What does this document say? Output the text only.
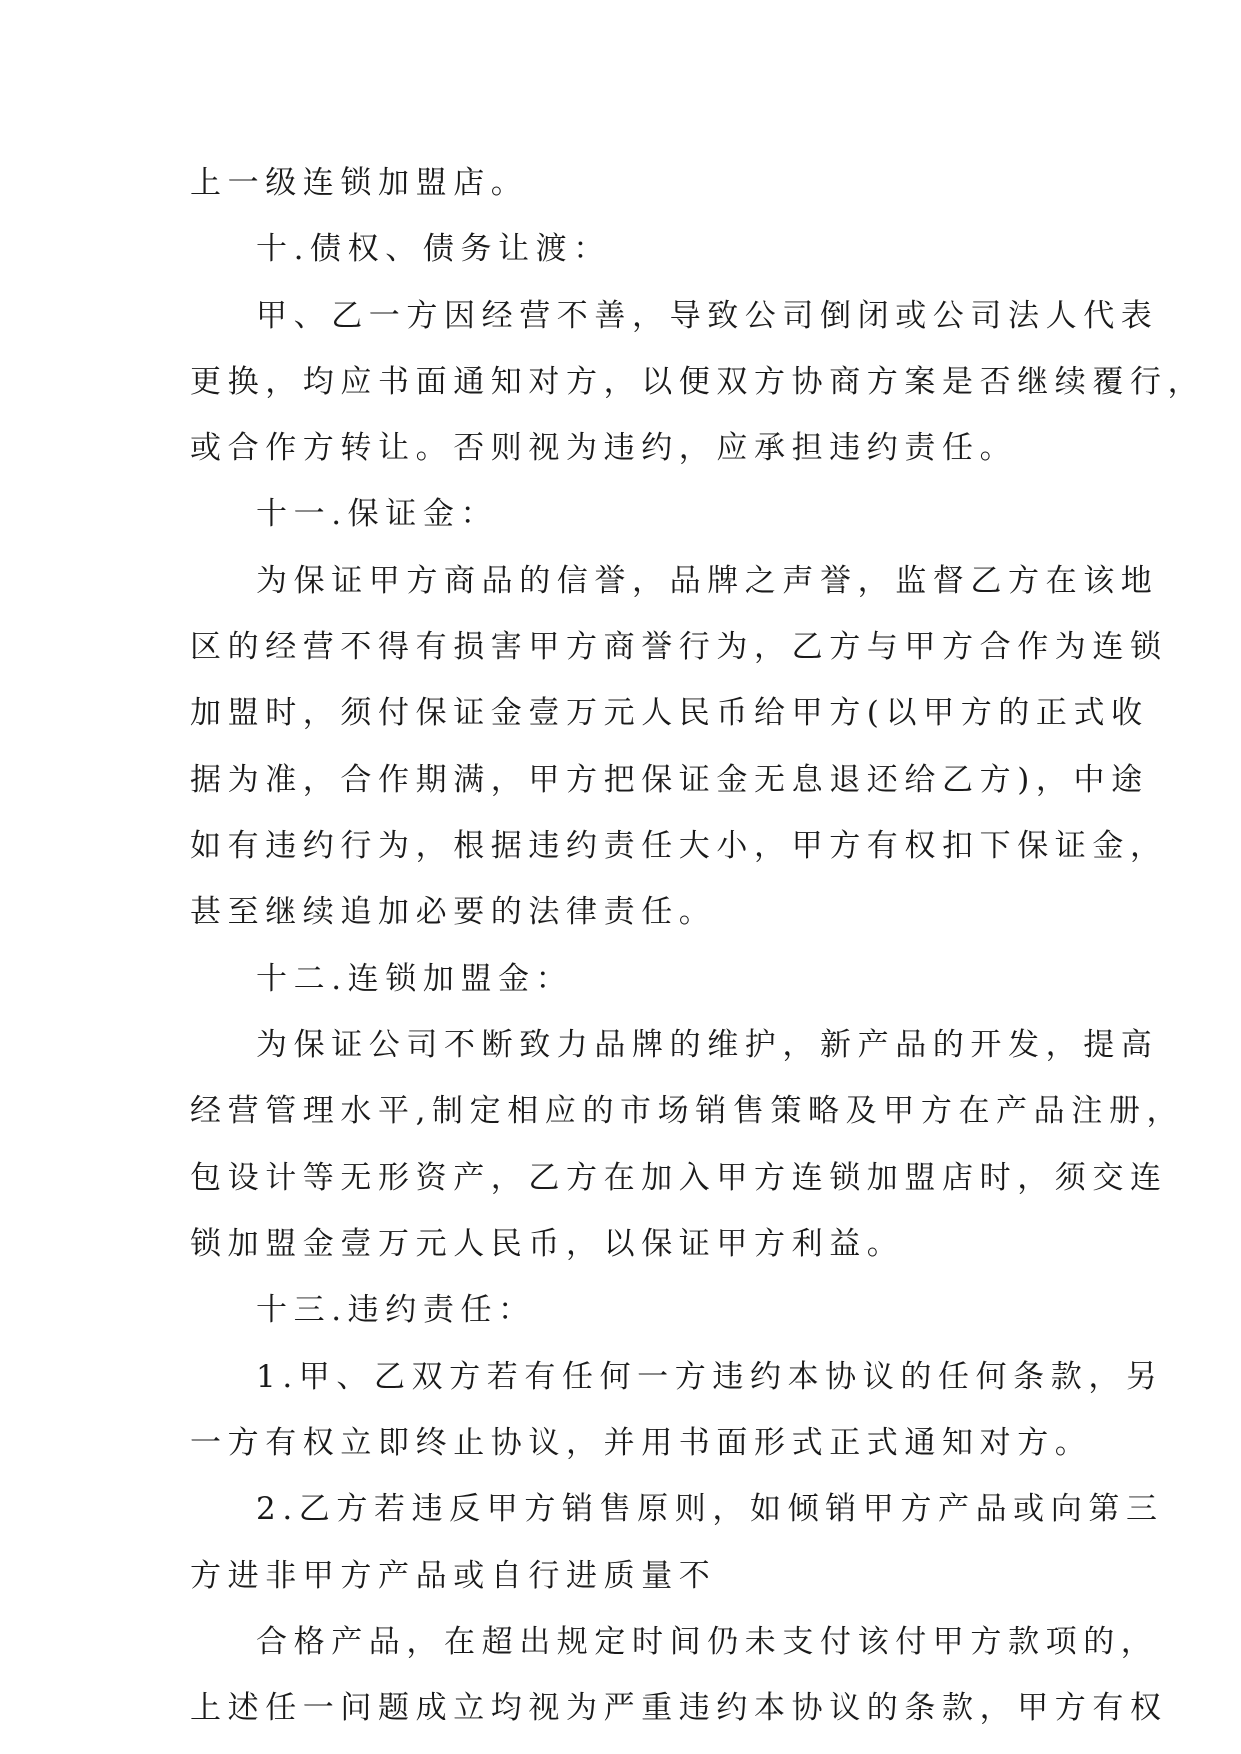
上一级连锁加盟店。
十.债权、债务让渡：
甲、乙一方因经营不善，导致公司倒闭或公司法人代表
更换，均应书面通知对方，以便双方协商方案是否继续覆行，
或合作方转让。否则视为违约，应承担违约责任。
十一.保证金：
为保证甲方商品的信誉，品牌之声誉，监督乙方在该地
区的经营不得有损害甲方商誉行为，乙方与甲方合作为连锁
加盟时，须付保证金壹万元人民币给甲方(以甲方的正式收
据为准，合作期满，甲方把保证金无息退还给乙方)，中途
如有违约行为，根据违约责任大小，甲方有权扣下保证金，
甚至继续追加必要的法律责任。
十二.连锁加盟金：
为保证公司不断致力品牌的维护，新产品的开发，提高
经营管理水平,制定相应的市场销售策略及甲方在产品注册，
包设计等无形资产，乙方在加入甲方连锁加盟店时，须交连
锁加盟金壹万元人民币，以保证甲方利益。
十三.违约责任：
1.甲、乙双方若有任何一方违约本协议的任何条款，另
一方有权立即终止协议，并用书面形式正式通知对方。
2.乙方若违反甲方销售原则，如倾销甲方产品或向第三
方进非甲方产品或自行进质量不
合格产品，在超出规定时间仍未支付该付甲方款项的，
上述任一问题成立均视为严重违约本协议的条款，甲方有权
